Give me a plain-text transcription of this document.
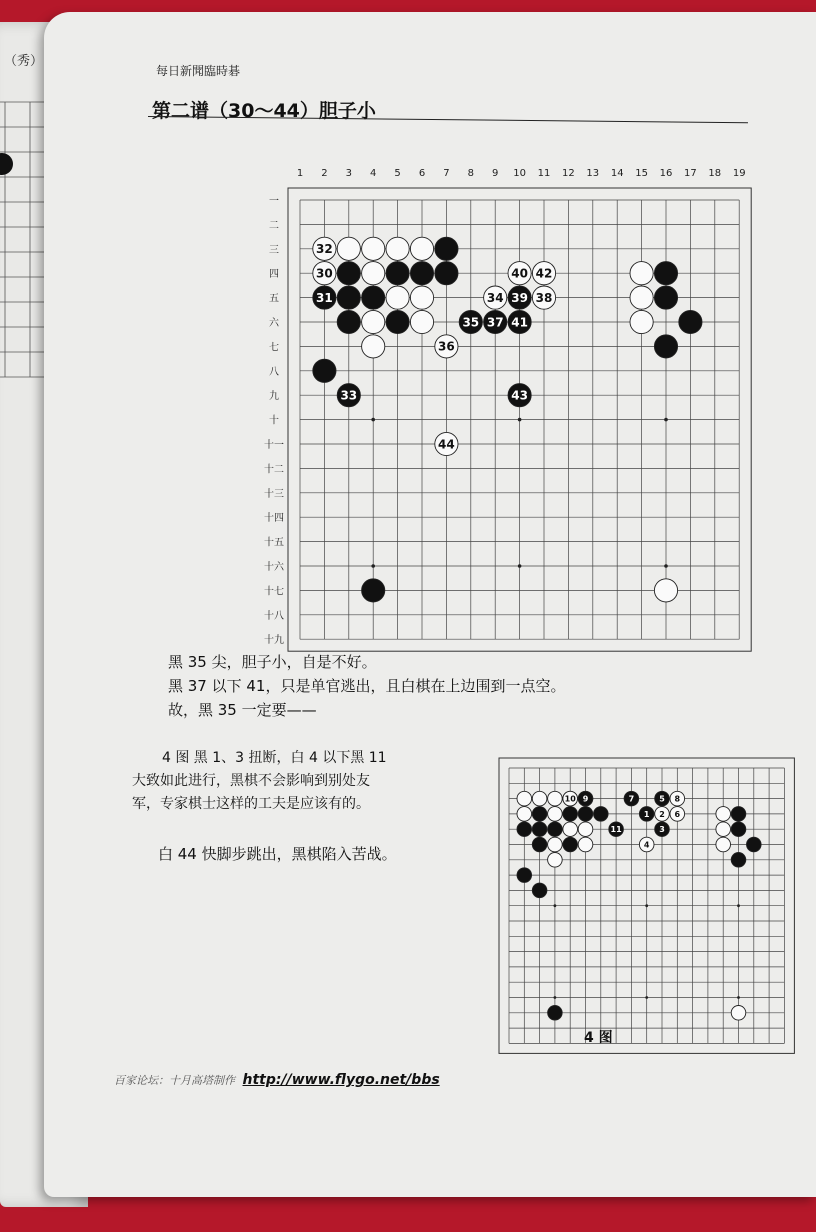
（秀）
每日新聞臨時碁
第二谱（30～44）胆子小
1 2 3 4 5 6 7 8 9 10 11 12 13 14 15 16 17 18 19
一
二
三
四
五
六
七
八
九
十
十一
十二
十三
十四
十五
十六
十七
十八
十九
30
31
32
33
34
35
36
37
38
39
40
41
42
43
44
黑 35 尖，胆子小，自是不好。
黑 37 以下 41，只是单官逃出，且白棋在上边围到一点空。
故，黑 35 一定要——
4 图 黑 1、3 扭断，白 4 以下黑 11
大致如此进行，黑棋不会影响到别处友
军，专家棋士这样的工夫是应该有的。
白 44 快脚步跳出，黑棋陷入苦战。
1 2
3
4
5
6
7	8
9
10
11
4 图
百家论坛：十月高塔制作 http://www.flygo.net/bbs
